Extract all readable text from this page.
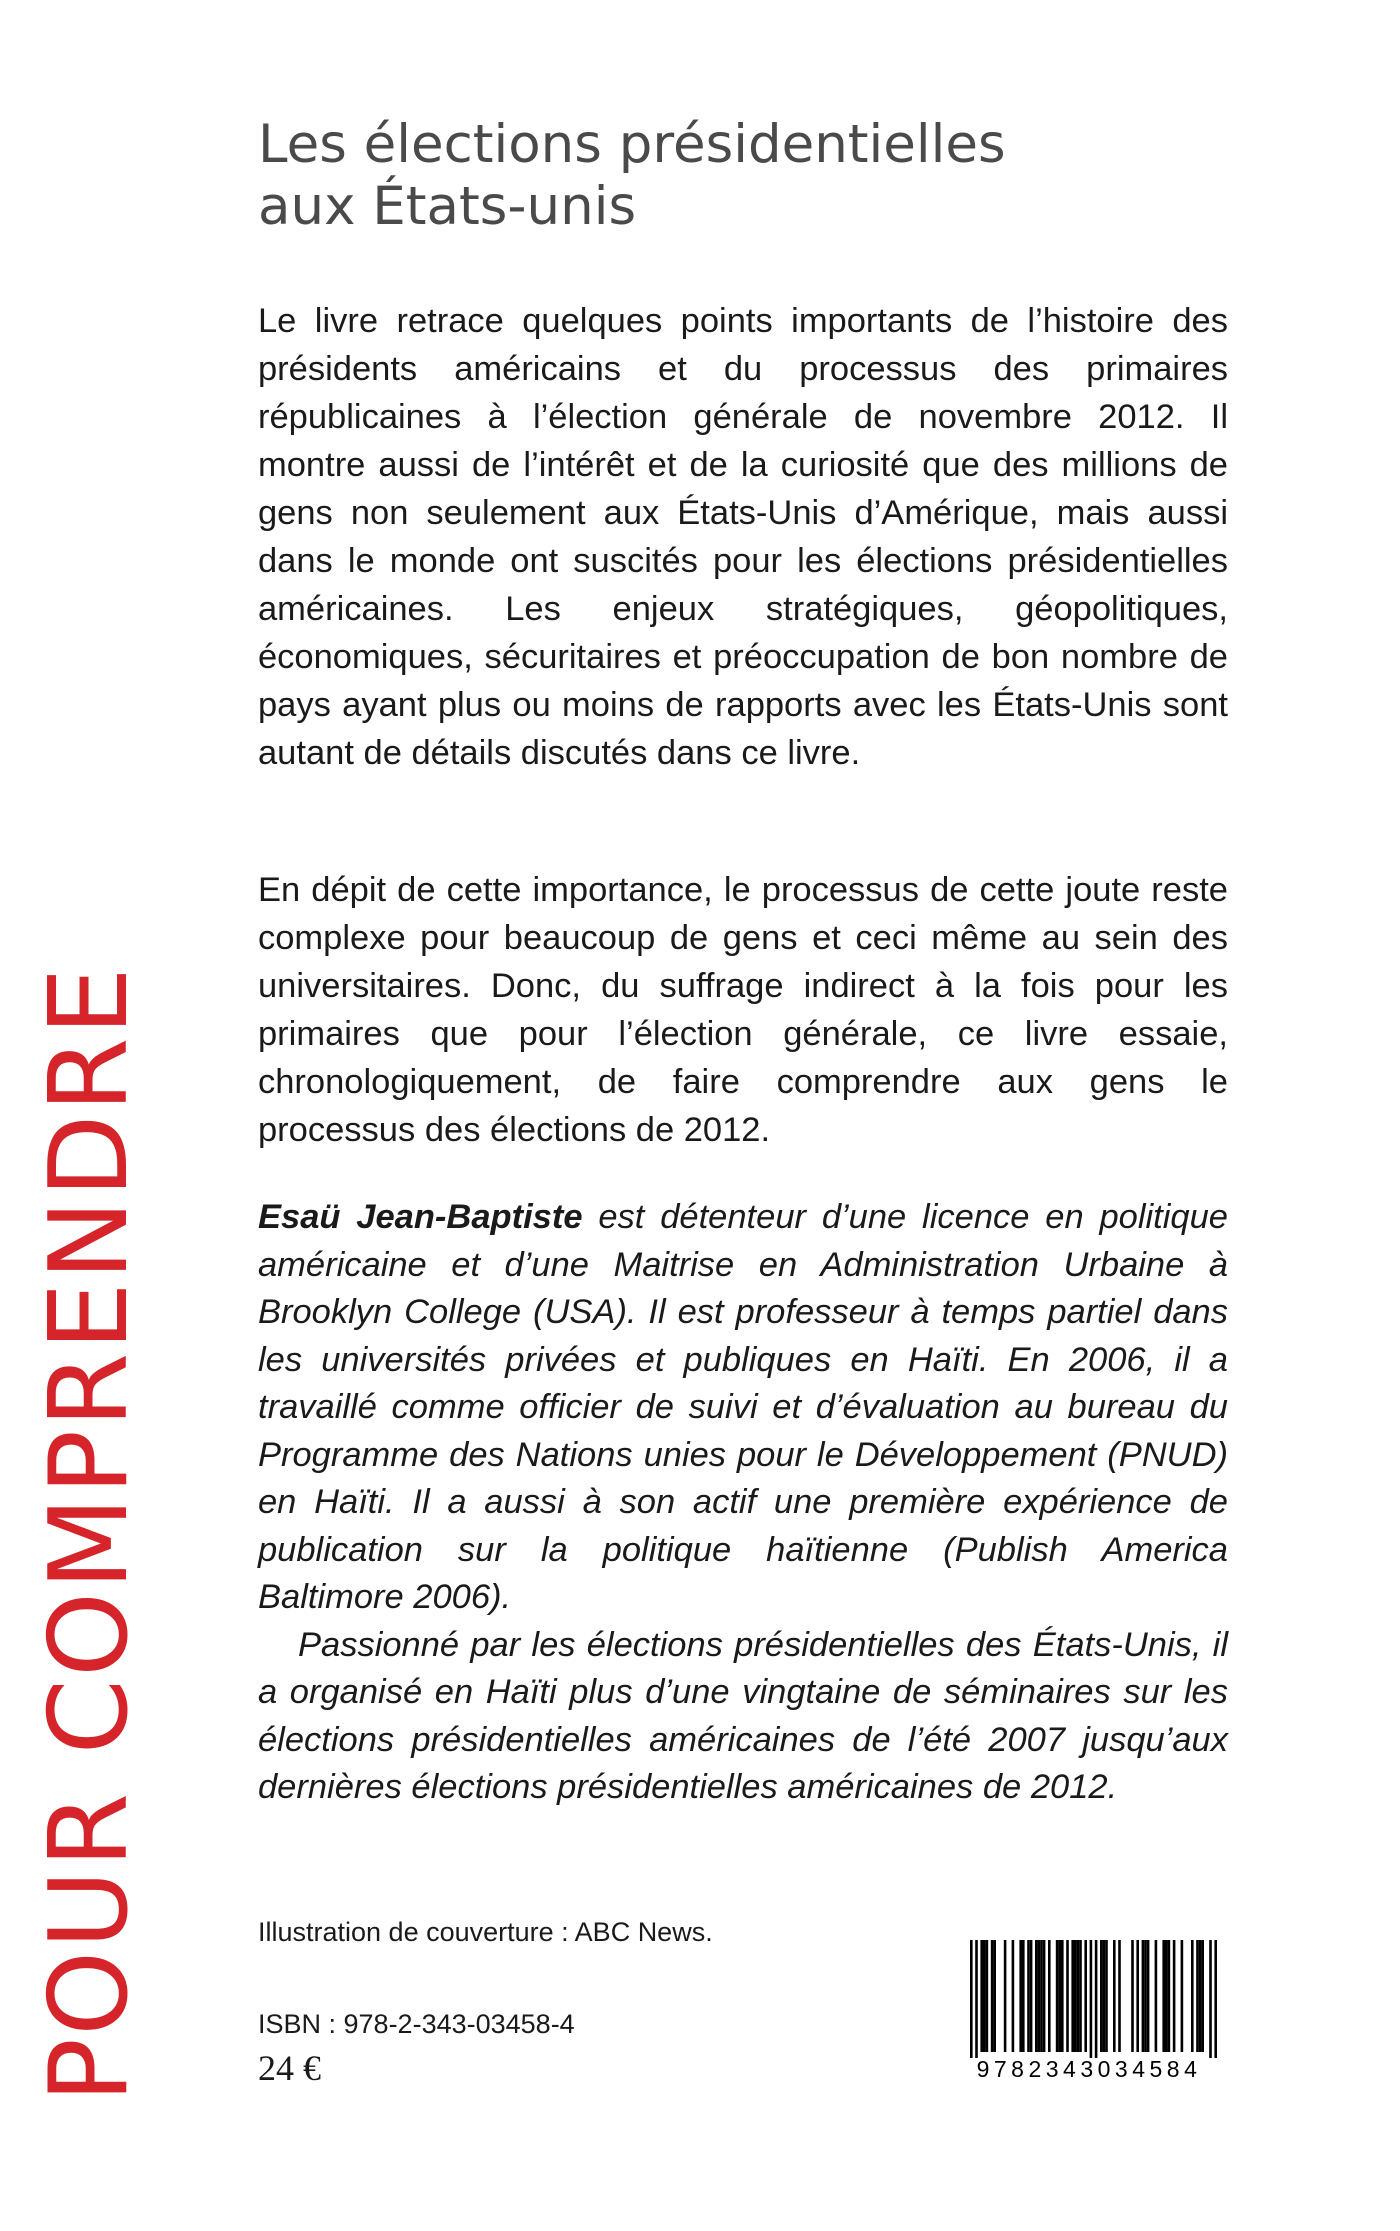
POUR COMPRENDRE
Les élections présidentielles
aux États-unis

Le livre retrace quelques points importants de l’histoire des présidents américains et du processus des primaires républicaines à l’élection générale de novembre 2012. Il montre aussi de l’intérêt et de la curiosité que des millions de gens non seulement aux États-Unis d’Amérique, mais aussi dans le monde ont suscités pour les élections présidentielles américaines. Les enjeux stratégiques, géopolitiques, économiques, sécuritaires et préoccupation de bon nombre de pays ayant plus ou moins de rapports avec les États-Unis sont autant de détails discutés dans ce livre.

En dépit de cette importance, le processus de cette joute reste complexe pour beaucoup de gens et ceci même au sein des universitaires. Donc, du suffrage indirect à la fois pour les primaires que pour l’élection générale, ce livre essaie, chronologiquement, de faire comprendre aux gens le processus des élections de 2012.

Esaü Jean-Baptiste est détenteur d’une licence en politique américaine et d’une Maitrise en Administration Urbaine à Brooklyn College (USA). Il est professeur à temps partiel dans les universités privées et publiques en Haïti. En 2006, il a travaillé comme officier de suivi et d’évaluation au bureau du Programme des Nations unies pour le Développement (PNUD) en Haïti. Il a aussi à son actif une première expérience de publication sur la politique haïtienne (Publish America Baltimore 2006).

Passionné par les élections présidentielles des États-Unis, il a organisé en Haïti plus d’une vingtaine de séminaires sur les élections présidentielles américaines de l’été 2007 jusqu’aux dernières élections présidentielles américaines de 2012.

Illustration de couverture : ABC News.
ISBN : 978-2-343-03458-4
24 €	9782343034584
